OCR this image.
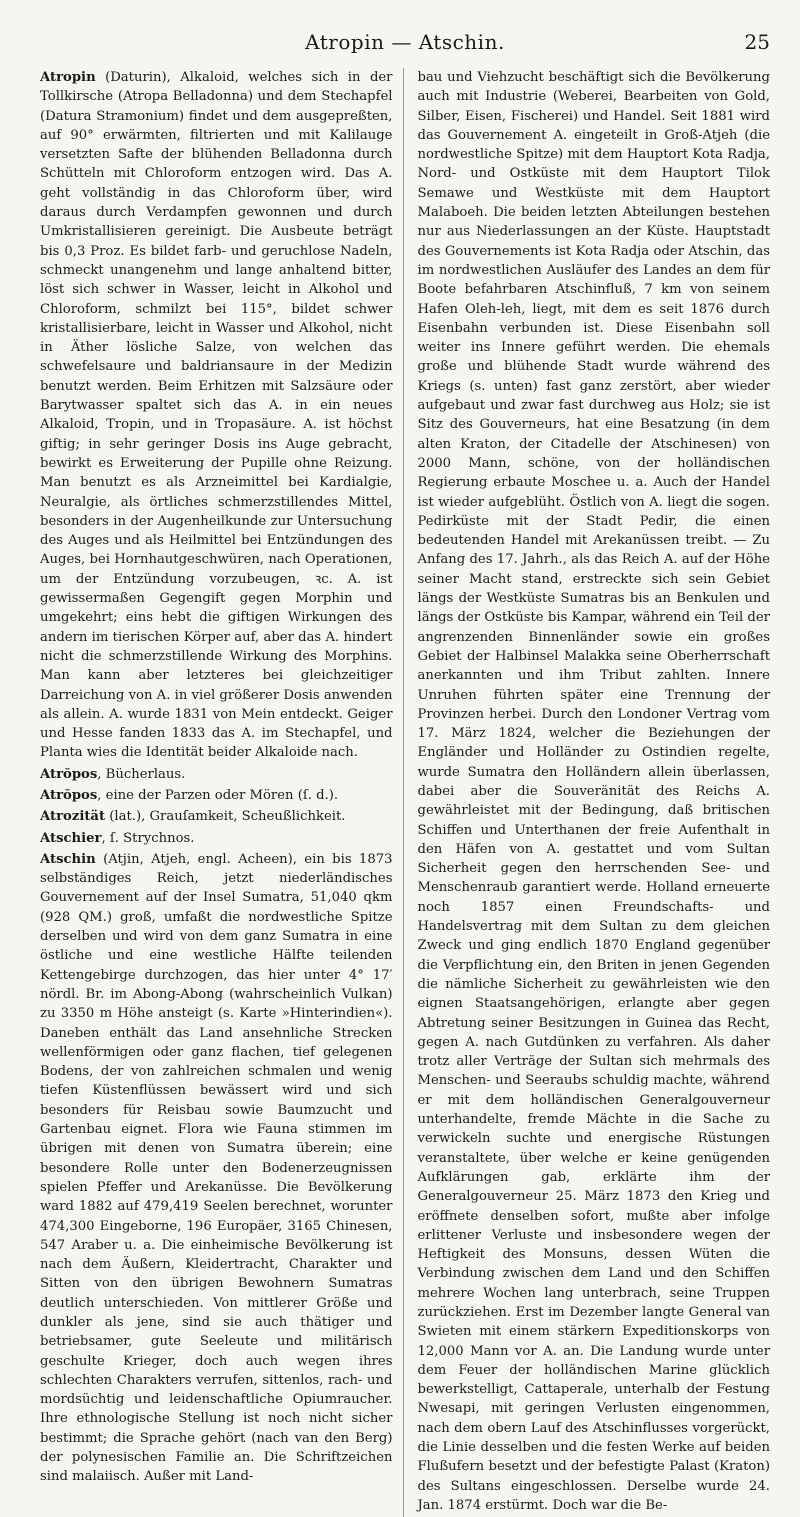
Atropin — Atschin.	25

Atropin (Daturin), Alkaloid, welches sich in der Tollkirsche (Atropa Belladonna) und dem Stechapfel (Datura Stramonium) findet und dem ausgepreßten, auf 90° erwärmten, filtrierten und mit Kalilauge versetzten Safte der blühenden Belladonna durch Schütteln mit Chloroform entzogen wird. Das A. geht vollständig in das Chloroform über, wird daraus durch Verdampfen gewonnen und durch Umkristallisieren gereinigt. Die Ausbeute beträgt bis 0,3 Proz. Es bildet farb- und geruchlose Nadeln, schmeckt unangenehm und lange anhaltend bitter, löst sich schwer in Wasser, leicht in Alkohol und Chloroform, schmilzt bei 115°, bildet schwer kristallisierbare, leicht in Wasser und Alkohol, nicht in Äther lösliche Salze, von welchen das schwefelsaure und baldriansaure in der Medizin benutzt werden. Beim Erhitzen mit Salzsäure oder Barytwasser spaltet sich das A. in ein neues Alkaloid, Tropin, und in Tropasäure. A. ist höchst giftig; in sehr geringer Dosis ins Auge gebracht, bewirkt es Erweiterung der Pupille ohne Reizung. Man benutzt es als Arzneimittel bei Kardialgie, Neuralgie, als örtliches schmerzstillendes Mittel, besonders in der Augenheilkunde zur Untersuchung des Auges und als Heilmittel bei Entzündungen des Auges, bei Hornhautgeschwüren, nach Operationen, um der Entzündung vorzubeugen, ꝛc. A. ist gewissermaßen Gegengift gegen Morphin und umgekehrt; eins hebt die giftigen Wirkungen des andern im tierischen Körper auf, aber das A. hindert nicht die schmerzstillende Wirkung des Morphins. Man kann aber letzteres bei gleichzeitiger Darreichung von A. in viel größerer Dosis anwenden als allein. A. wurde 1831 von Mein entdeckt. Geiger und Hesse fanden 1833 das A. im Stechapfel, und Planta wies die Identität beider Alkaloide nach.

Atrŏpos, Bücherlaus.

Atrŏpos, eine der Parzen oder Mören (ſ. d.).

Atrozität (lat.), Grauſamkeit, Scheußlichkeit.

Atschier, ſ. Strychnos.

Atschin (Atjin, Atjeh, engl. Acheen), ein bis 1873 selbständiges Reich, jetzt niederländisches Gouvernement auf der Insel Sumatra, 51,040 qkm (928 QM.) groß, umfaßt die nordwestliche Spitze derselben und wird von dem ganz Sumatra in eine östliche und eine westliche Hälfte teilenden Kettengebirge durchzogen, das hier unter 4° 17′ nördl. Br. im Abong-Abong (wahrscheinlich Vulkan) zu 3350 m Höhe ansteigt (s. Karte »Hinterindien«). Daneben enthält das Land ansehnliche Strecken wellenförmigen oder ganz flachen, tief gelegenen Bodens, der von zahlreichen schmalen und wenig tiefen Küstenflüssen bewässert wird und sich besonders für Reisbau sowie Baumzucht und Gartenbau eignet. Flora wie Fauna stimmen im übrigen mit denen von Sumatra überein; eine besondere Rolle unter den Bodenerzeugnissen spielen Pfeffer und Arekanüsse. Die Bevölkerung ward 1882 auf 479,419 Seelen berechnet, worunter 474,300 Eingeborne, 196 Europäer, 3165 Chinesen, 547 Araber u. a. Die einheimische Bevölkerung ist nach dem Äußern, Kleidertracht, Charakter und Sitten von den übrigen Bewohnern Sumatras deutlich unterschieden. Von mittlerer Größe und dunkler als jene, sind sie auch thätiger und betriebsamer, gute Seeleute und militärisch geschulte Krieger, doch auch wegen ihres schlechten Charakters verrufen, sittenlos, rach- und mordsüchtig und leidenschaftliche Opiumraucher. Ihre ethnologische Stellung ist noch nicht sicher bestimmt; die Sprache gehört (nach van den Berg) der polynesischen Familie an. Die Schriftzeichen sind malaiisch. Außer mit Land-

bau und Viehzucht beschäftigt sich die Bevölkerung auch mit Industrie (Weberei, Bearbeiten von Gold, Silber, Eisen, Fischerei) und Handel. Seit 1881 wird das Gouvernement A. eingeteilt in Groß-Atjeh (die nordwestliche Spitze) mit dem Hauptort Kota Radja, Nord- und Ostküste mit dem Hauptort Tilok Semawe und Westküste mit dem Hauptort Malaboeh. Die beiden letzten Abteilungen bestehen nur aus Niederlassungen an der Küste. Hauptstadt des Gouvernements ist Kota Radja oder Atschin, das im nordwestlichen Ausläufer des Landes an dem für Boote befahrbaren Atschinfluß, 7 km von seinem Hafen Oleh-leh, liegt, mit dem es seit 1876 durch Eisenbahn verbunden ist. Diese Eisenbahn soll weiter ins Innere geführt werden. Die ehemals große und blühende Stadt wurde während des Kriegs (s. unten) fast ganz zerstört, aber wieder aufgebaut und zwar fast durchweg aus Holz; sie ist Sitz des Gouverneurs, hat eine Besatzung (in dem alten Kraton, der Citadelle der Atschinesen) von 2000 Mann, schöne, von der holländischen Regierung erbaute Moschee u. a. Auch der Handel ist wieder aufgeblüht. Östlich von A. liegt die sogen. Pedirküste mit der Stadt Pedir, die einen bedeutenden Handel mit Arekanüssen treibt. — Zu Anfang des 17. Jahrh., als das Reich A. auf der Höhe seiner Macht stand, erstreckte sich sein Gebiet längs der Westküste Sumatras bis an Benkulen und längs der Ostküste bis Kampar, während ein Teil der angrenzenden Binnenländer sowie ein großes Gebiet der Halbinsel Malakka seine Oberherrschaft anerkannten und ihm Tribut zahlten. Innere Unruhen führten später eine Trennung der Provinzen herbei. Durch den Londoner Vertrag vom 17. März 1824, welcher die Beziehungen der Engländer und Holländer zu Ostindien regelte, wurde Sumatra den Holländern allein überlassen, dabei aber die Souveränität des Reichs A. gewährleistet mit der Bedingung, daß britischen Schiffen und Unterthanen der freie Aufenthalt in den Häfen von A. gestattet und vom Sultan Sicherheit gegen den herrschenden See- und Menschenraub garantiert werde. Holland erneuerte noch 1857 einen Freundschafts- und Handelsvertrag mit dem Sultan zu dem gleichen Zweck und ging endlich 1870 England gegenüber die Verpflichtung ein, den Briten in jenen Gegenden die nämliche Sicherheit zu gewährleisten wie den eignen Staatsangehörigen, erlangte aber gegen Abtretung seiner Besitzungen in Guinea das Recht, gegen A. nach Gutdünken zu verfahren. Als daher trotz aller Verträge der Sultan sich mehrmals des Menschen- und Seeraubs schuldig machte, während er mit dem holländischen Generalgouverneur unterhandelte, fremde Mächte in die Sache zu verwickeln suchte und energische Rüstungen veranstaltete, über welche er keine genügenden Aufklärungen gab, erklärte ihm der Generalgouverneur 25. März 1873 den Krieg und eröffnete denselben sofort, mußte aber infolge erlittener Verluste und insbesondere wegen der Heftigkeit des Monsuns, dessen Wüten die Verbindung zwischen dem Land und den Schiffen mehrere Wochen lang unterbrach, seine Truppen zurückziehen. Erst im Dezember langte General van Swieten mit einem stärkern Expeditionskorps von 12,000 Mann vor A. an. Die Landung wurde unter dem Feuer der holländischen Marine glücklich bewerkstelligt, Cattaperale, unterhalb der Festung Nwesapi, mit geringen Verlusten eingenommen, nach dem obern Lauf des Atschinflusses vorgerückt, die Linie desselben und die festen Werke auf beiden Flußufern besetzt und der befestigte Palast (Kraton) des Sultans eingeschlossen. Derselbe wurde 24. Jan. 1874 erstürmt. Doch war die Be-
